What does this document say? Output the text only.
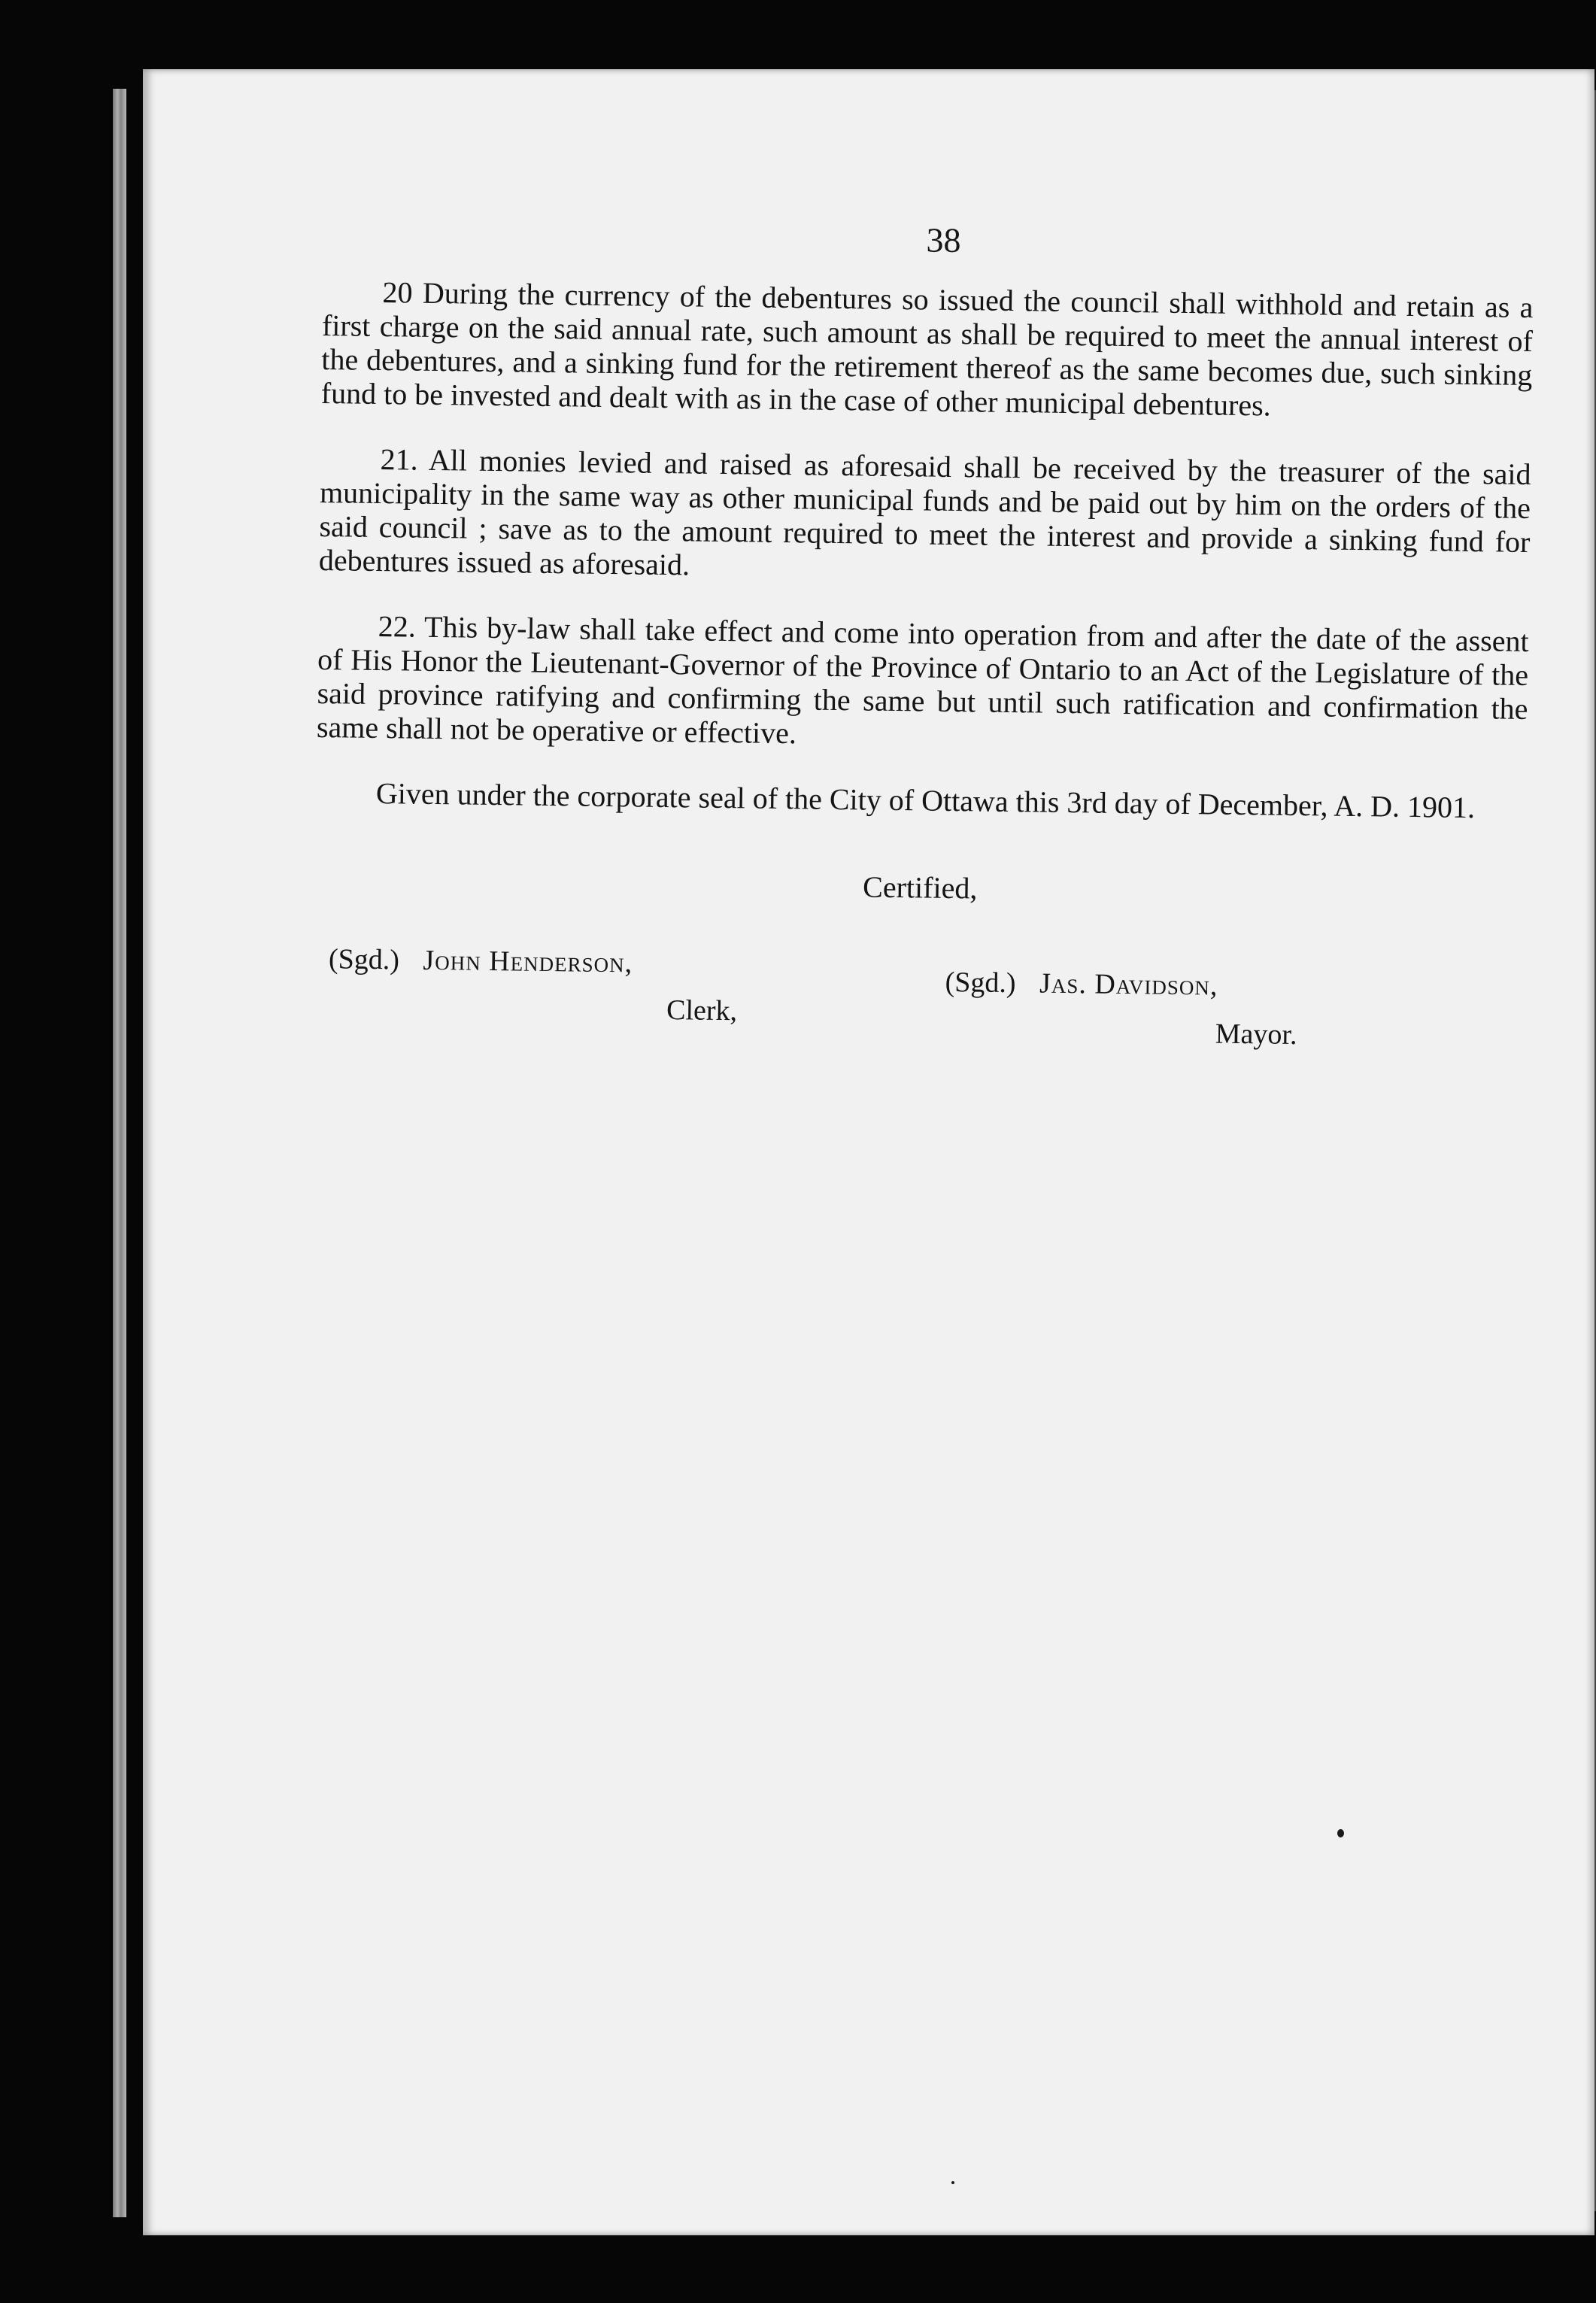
38

20 During the currency of the debentures so issued the council shall withhold and retain as a first charge on the said annual rate, such amount as shall be required to meet the annual interest of the debentures, and a sinking fund for the retirement thereof as the same becomes due, such sinking fund to be invested and dealt with as in the case of other municipal debentures.

21. All monies levied and raised as aforesaid shall be received by the treasurer of the said municipality in the same way as other municipal funds and be paid out by him on the orders of the said council ; save as to the amount required to meet the interest and provide a sinking fund for debentures issued as aforesaid.

22. This by-law shall take effect and come into operation from and after the date of the assent of His Honor the Lieutenant-Governor of the Province of Ontario to an Act of the Legislature of the said province ratifying and confirming the same but until such ratification and confirmation the same shall not be operative or effective.

Given under the corporate seal of the City of Ottawa this 3rd day of December, A. D. 1901.

Certified,
(Sgd.) John Henderson,
Clerk,
(Sgd.) Jas. Davidson,
Mayor.
